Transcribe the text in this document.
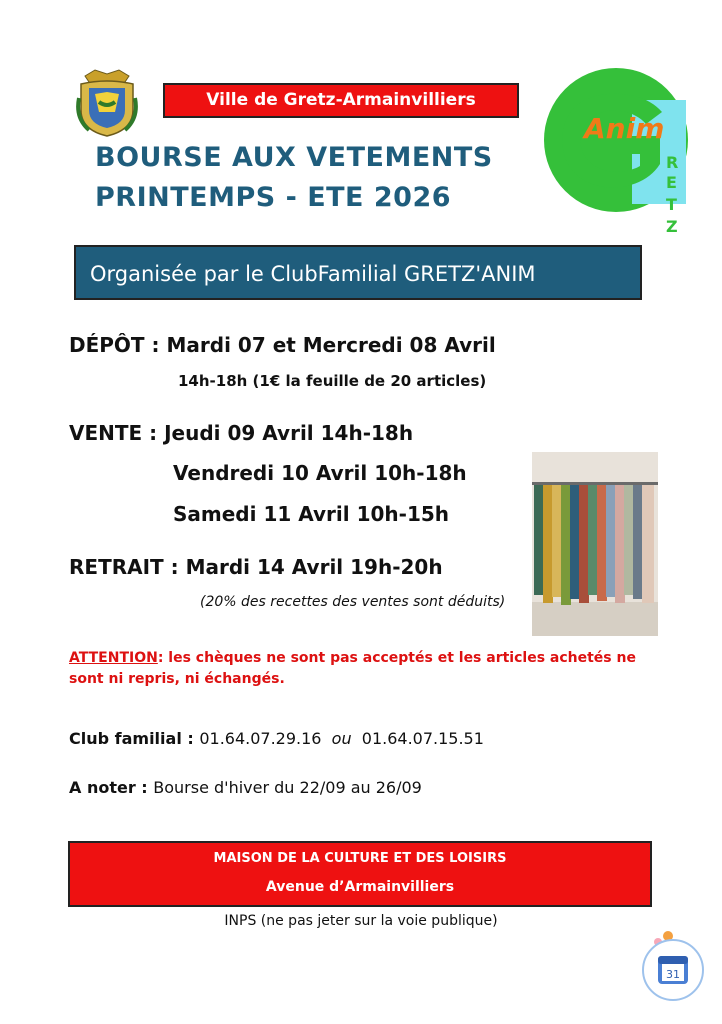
Ville de Gretz-Armainvilliers
BOURSE AUX VETEMENTS
PRINTEMPS - ETE 2026
Anim
R
E
T
Z
Organisée par le ClubFamilial GRETZ'ANIM
DÉPÔT : Mardi 07 et Mercredi 08 Avril
14h-18h (1€ la feuille de 20 articles)
VENTE : Jeudi 09 Avril 14h-18h
Vendredi 10 Avril 10h-18h
Samedi 11 Avril 10h-15h
RETRAIT : Mardi 14 Avril 19h-20h
(20% des recettes des ventes sont déduits)
ATTENTION: les chèques ne sont pas acceptés et les articles achetés ne sont ni repris, ni échangés.
Club familial : 01.64.07.29.16 ou 01.64.07.15.51
A noter : Bourse d'hiver du 22/09 au 26/09
MAISON DE LA CULTURE ET DES LOISIRS
Avenue d’Armainvilliers
INPS (ne pas jeter sur la voie publique)
31
